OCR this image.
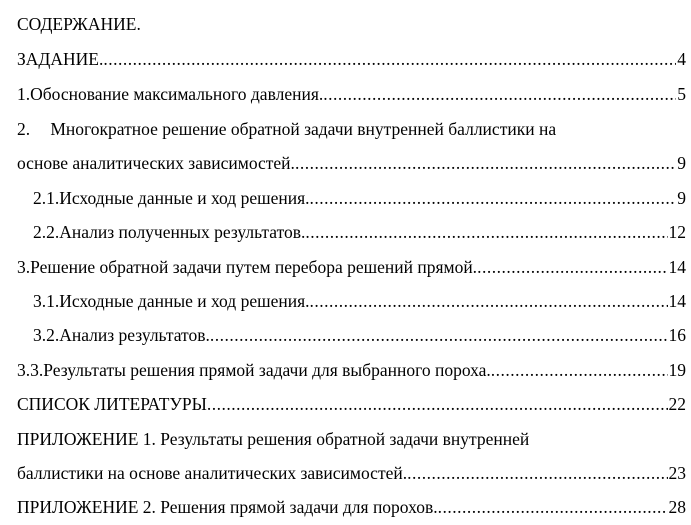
СОДЕРЖАНИЕ.
ЗАДАНИЕ. .....	4
1. Обоснование максимального давления. .....	5
2. Многократное решение обратной задачи внутренней баллистики на
основе аналитических зависимостей. .....	9
2.1. Исходные данные и ход решения. .....	9
2.2. Анализ полученных результатов. .....	12
3. Решение обратной задачи путем перебора решений прямой. .....	14
3.1. Исходные данные и ход решения. .....	14
3.2. Анализ результатов. .....	16
3.3. Результаты решения прямой задачи для выбранного пороха. .....	19
СПИСОК ЛИТЕРАТУРЫ .....	22
ПРИЛОЖЕНИЕ 1. Результаты решения обратной задачи внутренней
баллистики на основе аналитических зависимостей. .....	23
ПРИЛОЖЕНИЕ 2. Решения прямой задачи для порохов. .....	28
